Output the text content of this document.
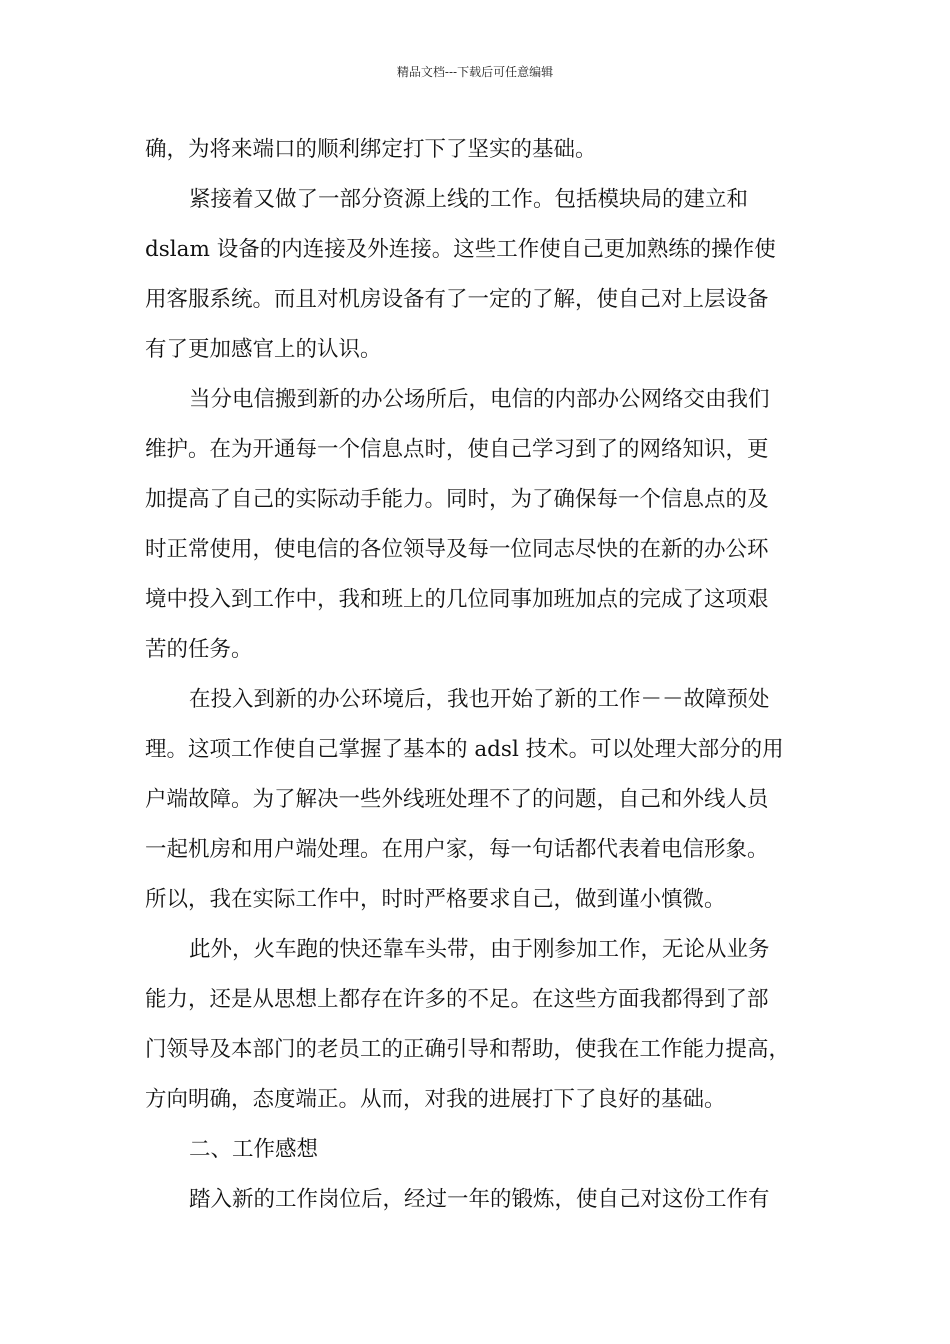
精品文档---下载后可任意编辑
确，为将来端口的顺利绑定打下了坚实的基础。
紧接着又做了一部分资源上线的工作。包括模块局的建立和
dslam 设备的内连接及外连接。这些工作使自己更加熟练的操作使
用客服系统。而且对机房设备有了一定的了解，使自己对上层设备
有了更加感官上的认识。
当分电信搬到新的办公场所后，电信的内部办公网络交由我们
维护。在为开通每一个信息点时，使自己学习到了的网络知识，更
加提高了自己的实际动手能力。同时，为了确保每一个信息点的及
时正常使用，使电信的各位领导及每一位同志尽快的在新的办公环
境中投入到工作中，我和班上的几位同事加班加点的完成了这项艰
苦的任务。
在投入到新的办公环境后，我也开始了新的工作－－故障预处
理。这项工作使自己掌握了基本的 adsl 技术。可以处理大部分的用
户端故障。为了解决一些外线班处理不了的问题，自己和外线人员
一起机房和用户端处理。在用户家，每一句话都代表着电信形象。
所以，我在实际工作中，时时严格要求自己，做到谨小慎微。
此外，火车跑的快还靠车头带，由于刚参加工作，无论从业务
能力，还是从思想上都存在许多的不足。在这些方面我都得到了部
门领导及本部门的老员工的正确引导和帮助，使我在工作能力提高，
方向明确，态度端正。从而，对我的进展打下了良好的基础。
二、工作感想
踏入新的工作岗位后，经过一年的锻炼，使自己对这份工作有
